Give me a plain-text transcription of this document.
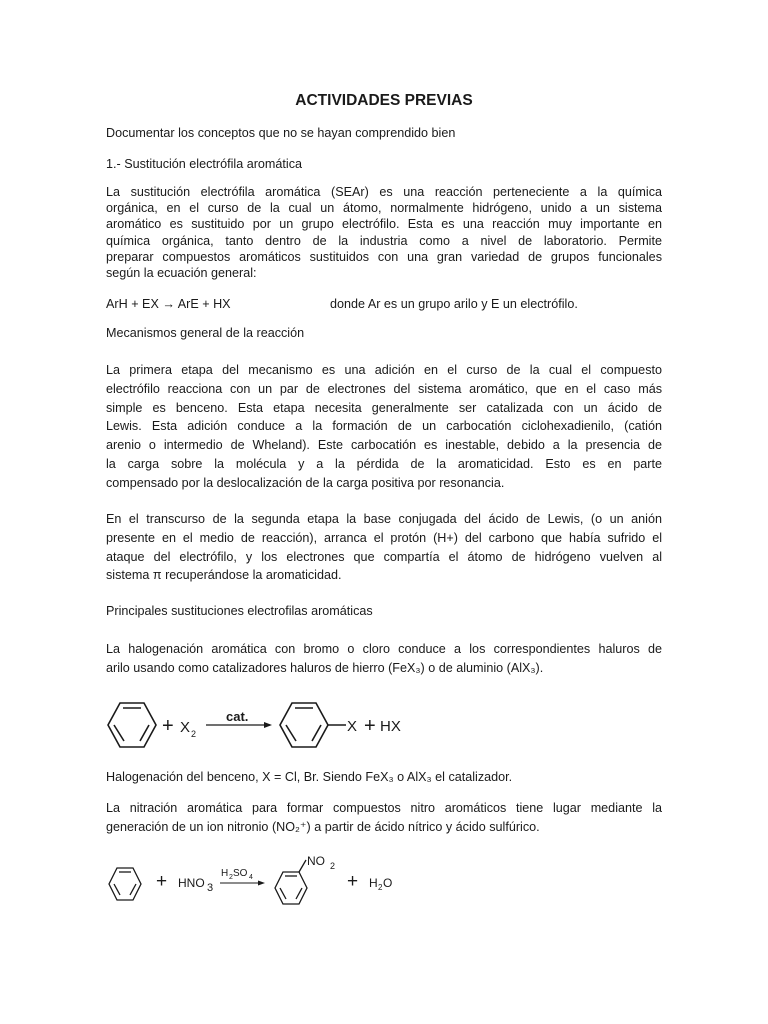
ACTIVIDADES PREVIAS

Documentar los conceptos que no se hayan comprendido bien

1.- Sustitución electrófila aromática

La sustitución electrófila aromática (SEAr) es una reacción perteneciente a la química
orgánica, en el curso de la cual un átomo, normalmente hidrógeno, unido a un sistema
aromático es sustituido por un grupo electrófilo. Esta es una reacción muy importante en
química orgánica, tanto dentro de la industria como a nivel de laboratorio. Permite
preparar compuestos aromáticos sustituidos con una gran variedad de grupos funcionales
según la ecuación general:

ArH + EX → ArE + HX	donde Ar es un grupo arilo y E un electrófilo.

Mecanismos general de la reacción

La primera etapa del mecanismo es una adición en el curso de la cual el compuesto
electrófilo reacciona con un par de electrones del sistema aromático, que en el caso más
simple es benceno. Esta etapa necesita generalmente ser catalizada con un ácido de
Lewis. Esta adición conduce a la formación de un carbocatión ciclohexadienilo, (catión
arenio o intermedio de Wheland). Este carbocatión es inestable, debido a la presencia de
la carga sobre la molécula y a la pérdida de la aromaticidad. Esto es en parte
compensado por la deslocalización de la carga positiva por resonancia.

En el transcurso de la segunda etapa la base conjugada del ácido de Lewis, (o un anión
presente en el medio de reacción), arranca el protón (H+) del carbono que había sufrido el
ataque del electrófilo, y los electrones que compartía el átomo de hidrógeno vuelven al
sistema π recuperándose la aromaticidad.

Principales sustituciones electrofilas aromáticas

La halogenación aromática con bromo o cloro conduce a los correspondientes haluros de
arilo usando como catalizadores haluros de hierro (FeX₃) o de aluminio (AlX₃).

+ X 2
cat.
X + HX

Halogenación del benceno, X = Cl, Br. Siendo FeX₃ o AlX₃ el catalizador.

La nitración aromática para formar compuestos nitro aromáticos tiene lugar mediante la
generación de un ion nitronio (NO₂⁺) a partir de ácido nítrico y ácido sulfúrico.

+ HNO 3
H 2 SO 4
NO 2
+ H 2 O
